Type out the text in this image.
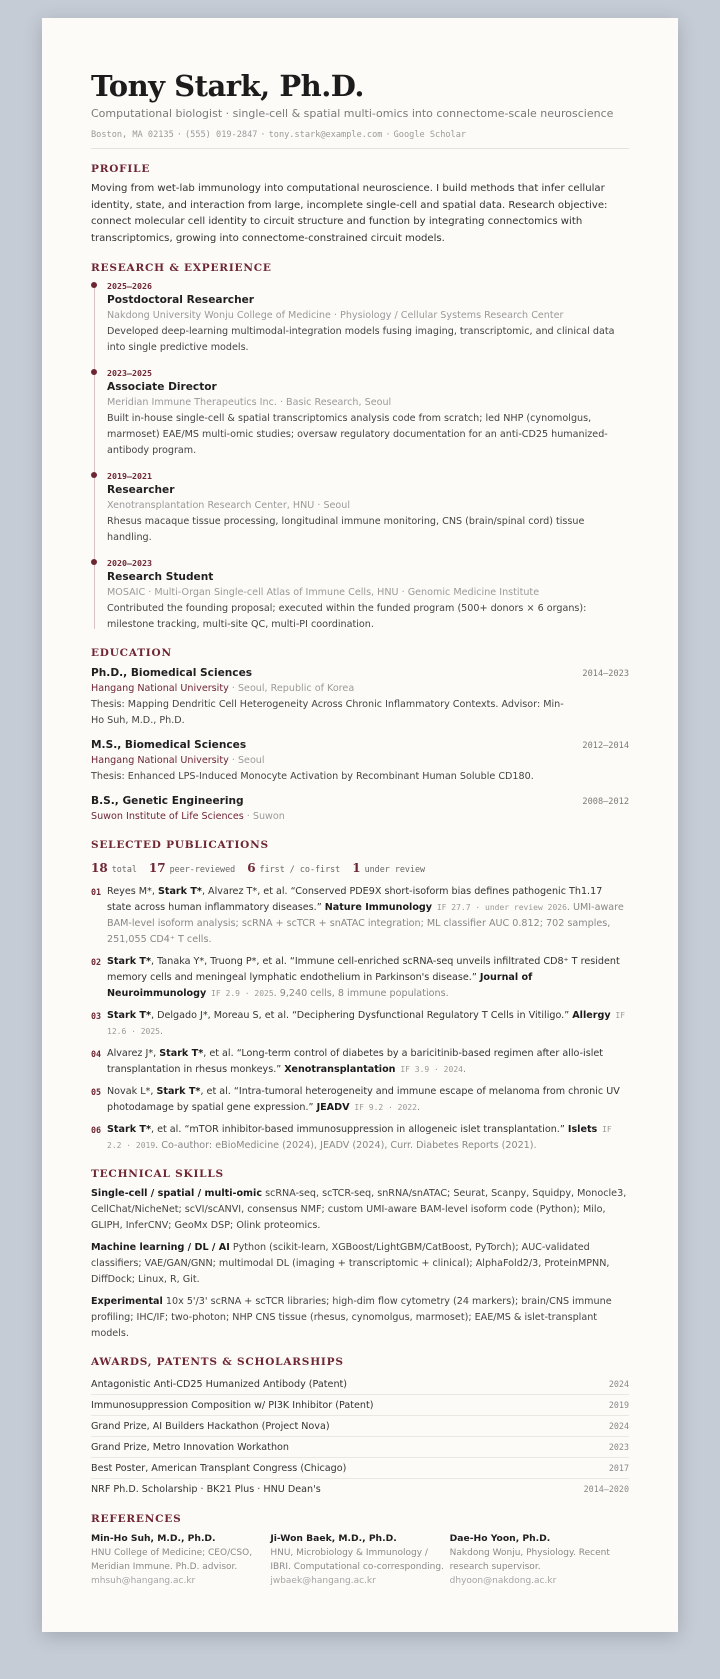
Tony Stark, Ph.D.
Computational biologist · single-cell & spatial multi-omics into connectome-scale neuroscience
Boston, MA 02135 · (555) 019-2847 · tony.stark@example.com · Google Scholar
PROFILE

Moving from wet-lab immunology into computational neuroscience. I build methods that infer cellular identity, state, and interaction from large, incomplete single-cell and spatial data. Research objective: connect molecular cell identity to circuit structure and function by integrating connectomics with transcriptomics, growing into connectome-constrained circuit models.

RESEARCH & EXPERIENCE
2025–2026
Postdoctoral Researcher
Nakdong University Wonju College of Medicine · Physiology / Cellular Systems Research Center
Developed deep-learning multimodal-integration models fusing imaging, transcriptomic, and clinical data into single predictive models.
2023–2025
Associate Director
Meridian Immune Therapeutics Inc. · Basic Research, Seoul
Built in-house single-cell & spatial transcriptomics analysis code from scratch; led NHP (cynomolgus, marmoset) EAE/MS multi-omic studies; oversaw regulatory documentation for an anti-CD25 humanized-antibody program.
2019–2021
Researcher
Xenotransplantation Research Center, HNU · Seoul
Rhesus macaque tissue processing, longitudinal immune monitoring, CNS (brain/spinal cord) tissue handling.
2020–2023
Research Student
MOSAIC · Multi-Organ Single-cell Atlas of Immune Cells, HNU · Genomic Medicine Institute
Contributed the founding proposal; executed within the funded program (500+ donors × 6 organs): milestone tracking, multi-site QC, multi-PI coordination.
EDUCATION
Ph.D., Biomedical Sciences	2014–2023
Hangang National University · Seoul, Republic of Korea
Thesis: Mapping Dendritic Cell Heterogeneity Across Chronic Inflammatory Contexts. Advisor: Min-Ho Suh, M.D., Ph.D.
M.S., Biomedical Sciences	2012–2014
Hangang National University · Seoul
Thesis: Enhanced LPS-Induced Monocyte Activation by Recombinant Human Soluble CD180.
B.S., Genetic Engineering	2008–2012
Suwon Institute of Life Sciences · Suwon
SELECTED PUBLICATIONS
18 total 17 peer-reviewed 6 first / co-first 1 under review
01 Reyes M*, Stark T*, Alvarez T*, et al. “Conserved PDE9X short-isoform bias defines pathogenic Th1.17 state across human inflammatory diseases.” Nature Immunology IF 27.7 · under review 2026. UMI-aware BAM-level isoform analysis; scRNA + scTCR + snATAC integration; ML classifier AUC 0.812; 702 samples, 251,055 CD4⁺ T cells.
02 Stark T*, Tanaka Y*, Truong P*, et al. “Immune cell-enriched scRNA-seq unveils infiltrated CD8⁺ T resident memory cells and meningeal lymphatic endothelium in Parkinson's disease.” Journal of Neuroimmunology IF 2.9 · 2025. 9,240 cells, 8 immune populations.
03 Stark T*, Delgado J*, Moreau S, et al. “Deciphering Dysfunctional Regulatory T Cells in Vitiligo.” Allergy IF 12.6 · 2025.
04 Alvarez J*, Stark T*, et al. “Long-term control of diabetes by a baricitinib-based regimen after allo-islet transplantation in rhesus monkeys.” Xenotransplantation IF 3.9 · 2024.
05 Novak L*, Stark T*, et al. “Intra-tumoral heterogeneity and immune escape of melanoma from chronic UV photodamage by spatial gene expression.” JEADV IF 9.2 · 2022.
06 Stark T*, et al. “mTOR inhibitor-based immunosuppression in allogeneic islet transplantation.” Islets IF 2.2 · 2019. Co-author: eBioMedicine (2024), JEADV (2024), Curr. Diabetes Reports (2021).
TECHNICAL SKILLS
Single-cell / spatial / multi-omic scRNA-seq, scTCR-seq, snRNA/snATAC; Seurat, Scanpy, Squidpy, Monocle3, CellChat/NicheNet; scVI/scANVI, consensus NMF; custom UMI-aware BAM-level isoform code (Python); Milo, GLIPH, InferCNV; GeoMx DSP; Olink proteomics.
Machine learning / DL / AI Python (scikit-learn, XGBoost/LightGBM/CatBoost, PyTorch); AUC-validated classifiers; VAE/GAN/GNN; multimodal DL (imaging + transcriptomic + clinical); AlphaFold2/3, ProteinMPNN, DiffDock; Linux, R, Git.
Experimental 10x 5'/3' scRNA + scTCR libraries; high-dim flow cytometry (24 markers); brain/CNS immune profiling; IHC/IF; two-photon; NHP CNS tissue (rhesus, cynomolgus, marmoset); EAE/MS & islet-transplant models.
AWARDS, PATENTS & SCHOLARSHIPS
Antagonistic Anti-CD25 Humanized Antibody (Patent)	2024
Immunosuppression Composition w/ PI3K Inhibitor (Patent)	2019
Grand Prize, AI Builders Hackathon (Project Nova)	2024
Grand Prize, Metro Innovation Workathon	2023
Best Poster, American Transplant Congress (Chicago)	2017
NRF Ph.D. Scholarship · BK21 Plus · HNU Dean's	2014–2020
REFERENCES
Min-Ho Suh, M.D., Ph.D.
HNU College of Medicine; CEO/CSO, Meridian Immune. Ph.D. advisor.
mhsuh@hangang.ac.kr
Ji-Won Baek, M.D., Ph.D.
HNU, Microbiology & Immunology / IBRI. Computational co-corresponding.
jwbaek@hangang.ac.kr
Dae-Ho Yoon, Ph.D.
Nakdong Wonju, Physiology. Recent research supervisor.
dhyoon@nakdong.ac.kr
